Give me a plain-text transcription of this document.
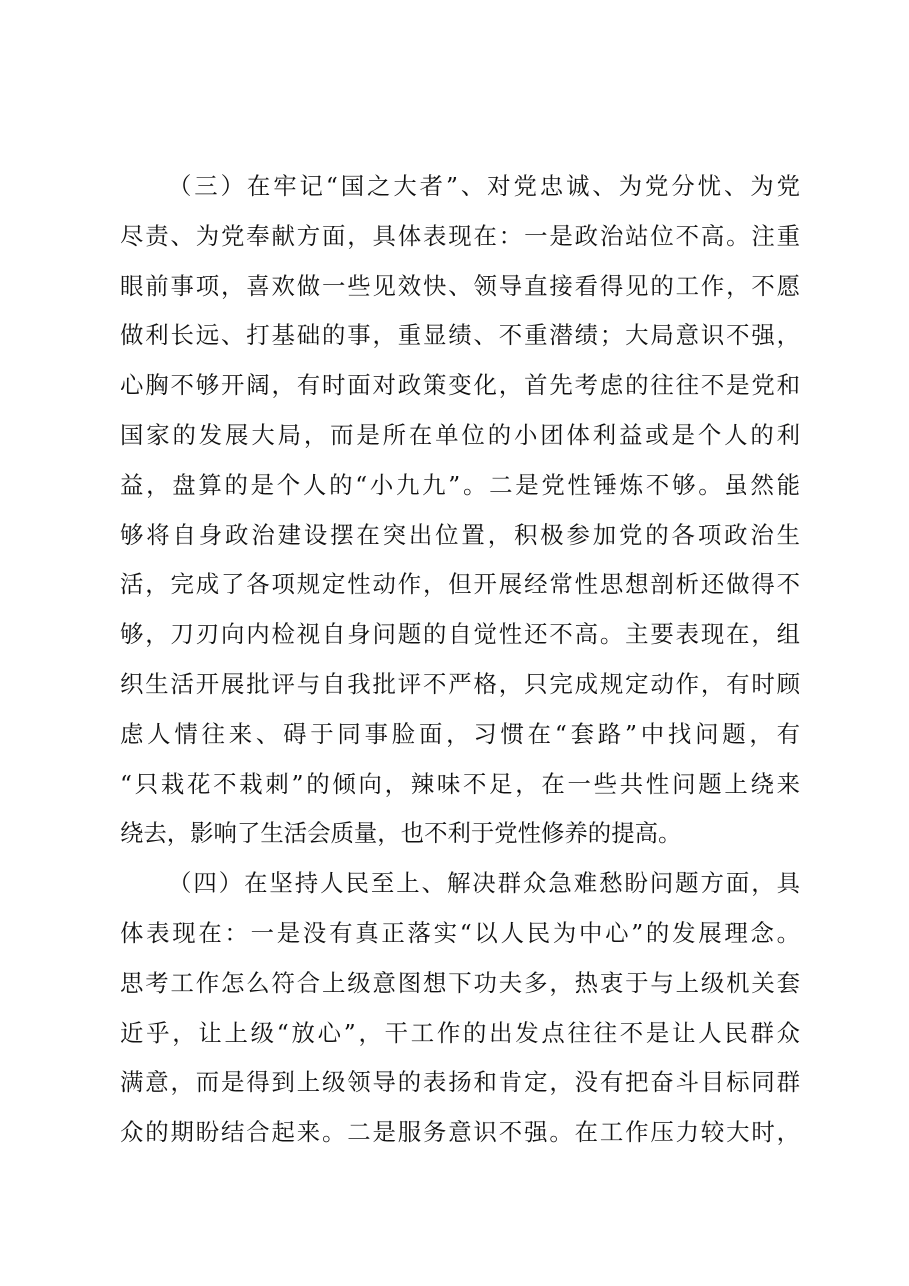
（三）在牢记“国之大者”、对党忠诚、为党分忧、为党
尽责、为党奉献方面，具体表现在：一是政治站位不高。注重
眼前事项，喜欢做一些见效快、领导直接看得见的工作，不愿
做利长远、打基础的事，重显绩、不重潜绩；大局意识不强，
心胸不够开阔，有时面对政策变化，首先考虑的往往不是党和
国家的发展大局，而是所在单位的小团体利益或是个人的利
益，盘算的是个人的“小九九”。二是党性锤炼不够。虽然能
够将自身政治建设摆在突出位置，积极参加党的各项政治生
活，完成了各项规定性动作，但开展经常性思想剖析还做得不
够，刀刃向内检视自身问题的自觉性还不高。主要表现在，组
织生活开展批评与自我批评不严格，只完成规定动作，有时顾
虑人情往来、碍于同事脸面，习惯在“套路”中找问题，有
“只栽花不栽刺”的倾向，辣味不足，在一些共性问题上绕来
绕去，影响了生活会质量，也不利于党性修养的提高。
（四）在坚持人民至上、解决群众急难愁盼问题方面，具
体表现在：一是没有真正落实“以人民为中心”的发展理念。
思考工作怎么符合上级意图想下功夫多，热衷于与上级机关套
近乎，让上级“放心”，干工作的出发点往往不是让人民群众
满意，而是得到上级领导的表扬和肯定，没有把奋斗目标同群
众的期盼结合起来。二是服务意识不强。在工作压力较大时，
